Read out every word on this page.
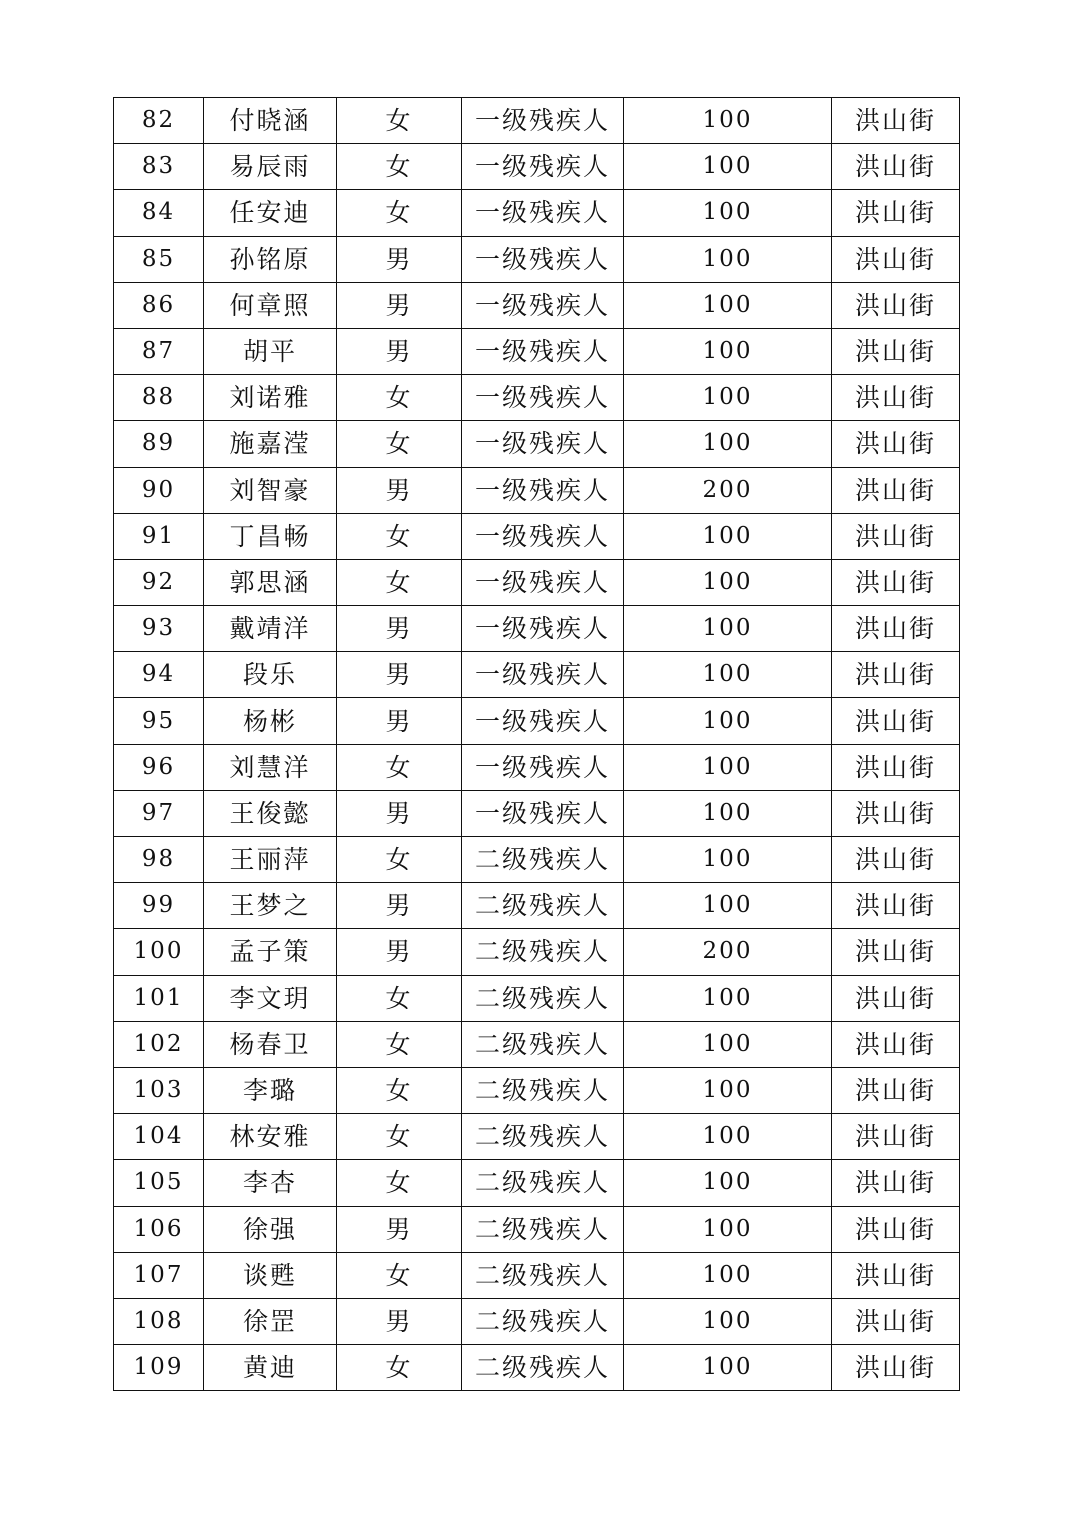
82	付晓涵	女	一级残疾人	100	洪山街
83	易辰雨	女	一级残疾人	100	洪山街
84	任安迪	女	一级残疾人	100	洪山街
85	孙铭原	男	一级残疾人	100	洪山街
86	何章照	男	一级残疾人	100	洪山街
87	胡平	男	一级残疾人	100	洪山街
88	刘诺雅	女	一级残疾人	100	洪山街
89	施嘉滢	女	一级残疾人	100	洪山街
90	刘智豪	男	一级残疾人	200	洪山街
91	丁昌畅	女	一级残疾人	100	洪山街
92	郭思涵	女	一级残疾人	100	洪山街
93	戴靖洋	男	一级残疾人	100	洪山街
94	段乐	男	一级残疾人	100	洪山街
95	杨彬	男	一级残疾人	100	洪山街
96	刘慧洋	女	一级残疾人	100	洪山街
97	王俊懿	男	一级残疾人	100	洪山街
98	王丽萍	女	二级残疾人	100	洪山街
99	王梦之	男	二级残疾人	100	洪山街
100	孟子策	男	二级残疾人	200	洪山街
101	李文玥	女	二级残疾人	100	洪山街
102	杨春卫	女	二级残疾人	100	洪山街
103	李璐	女	二级残疾人	100	洪山街
104	林安雅	女	二级残疾人	100	洪山街
105	李杏	女	二级残疾人	100	洪山街
106	徐强	男	二级残疾人	100	洪山街
107	谈甦	女	二级残疾人	100	洪山街
108	徐罡	男	二级残疾人	100	洪山街
109	黄迪	女	二级残疾人	100	洪山街
